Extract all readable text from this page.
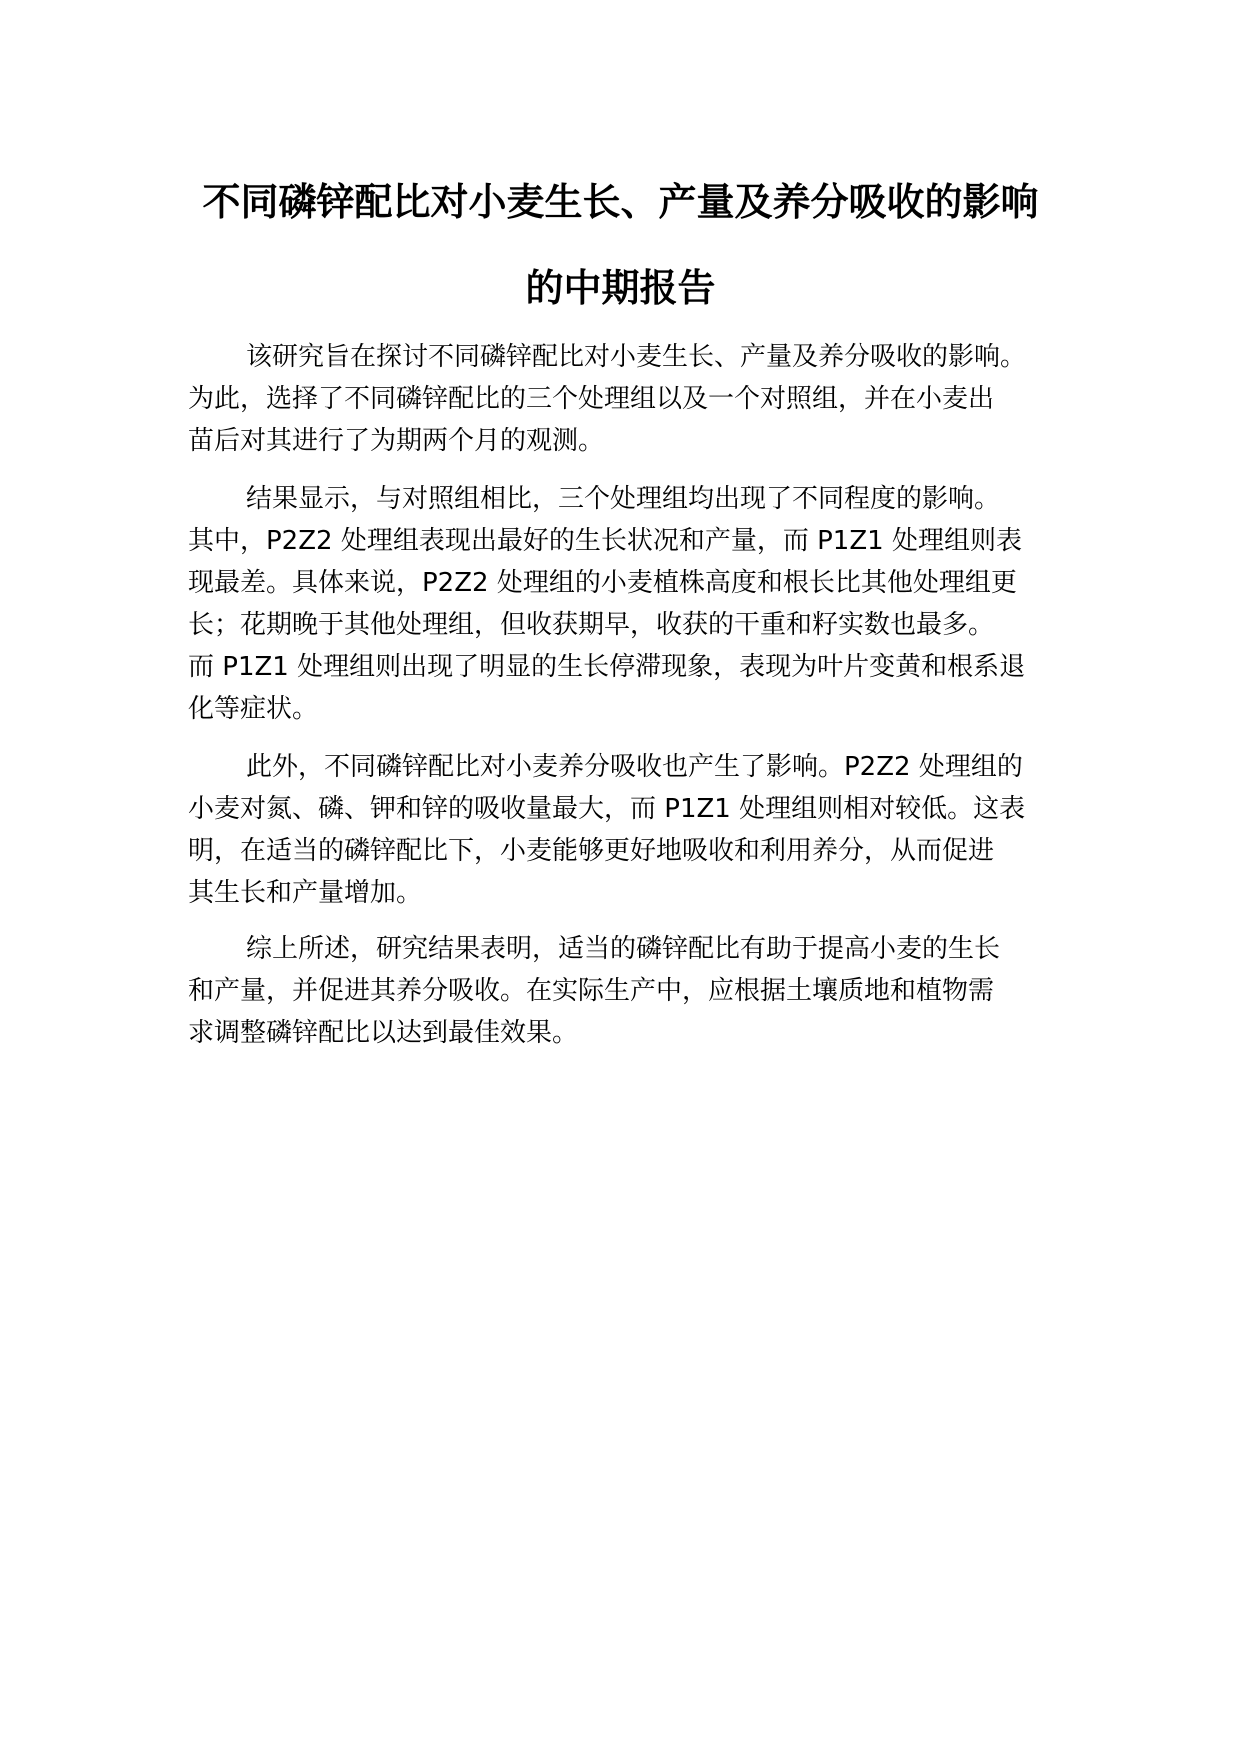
不同磷锌配比对小麦生长、产量及养分吸收的影响
的中期报告
该研究旨在探讨不同磷锌配比对小麦生长、产量及养分吸收的影响。
为此，选择了不同磷锌配比的三个处理组以及一个对照组，并在小麦出
苗后对其进行了为期两个月的观测。
结果显示，与对照组相比，三个处理组均出现了不同程度的影响。
其中，P2Z2 处理组表现出最好的生长状况和产量，而 P1Z1 处理组则表
现最差。具体来说，P2Z2 处理组的小麦植株高度和根长比其他处理组更
长；花期晚于其他处理组，但收获期早，收获的干重和籽实数也最多。
而 P1Z1 处理组则出现了明显的生长停滞现象，表现为叶片变黄和根系退
化等症状。
此外，不同磷锌配比对小麦养分吸收也产生了影响。P2Z2 处理组的
小麦对氮、磷、钾和锌的吸收量最大，而 P1Z1 处理组则相对较低。这表
明，在适当的磷锌配比下，小麦能够更好地吸收和利用养分，从而促进
其生长和产量增加。
综上所述，研究结果表明，适当的磷锌配比有助于提高小麦的生长
和产量，并促进其养分吸收。在实际生产中，应根据土壤质地和植物需
求调整磷锌配比以达到最佳效果。
